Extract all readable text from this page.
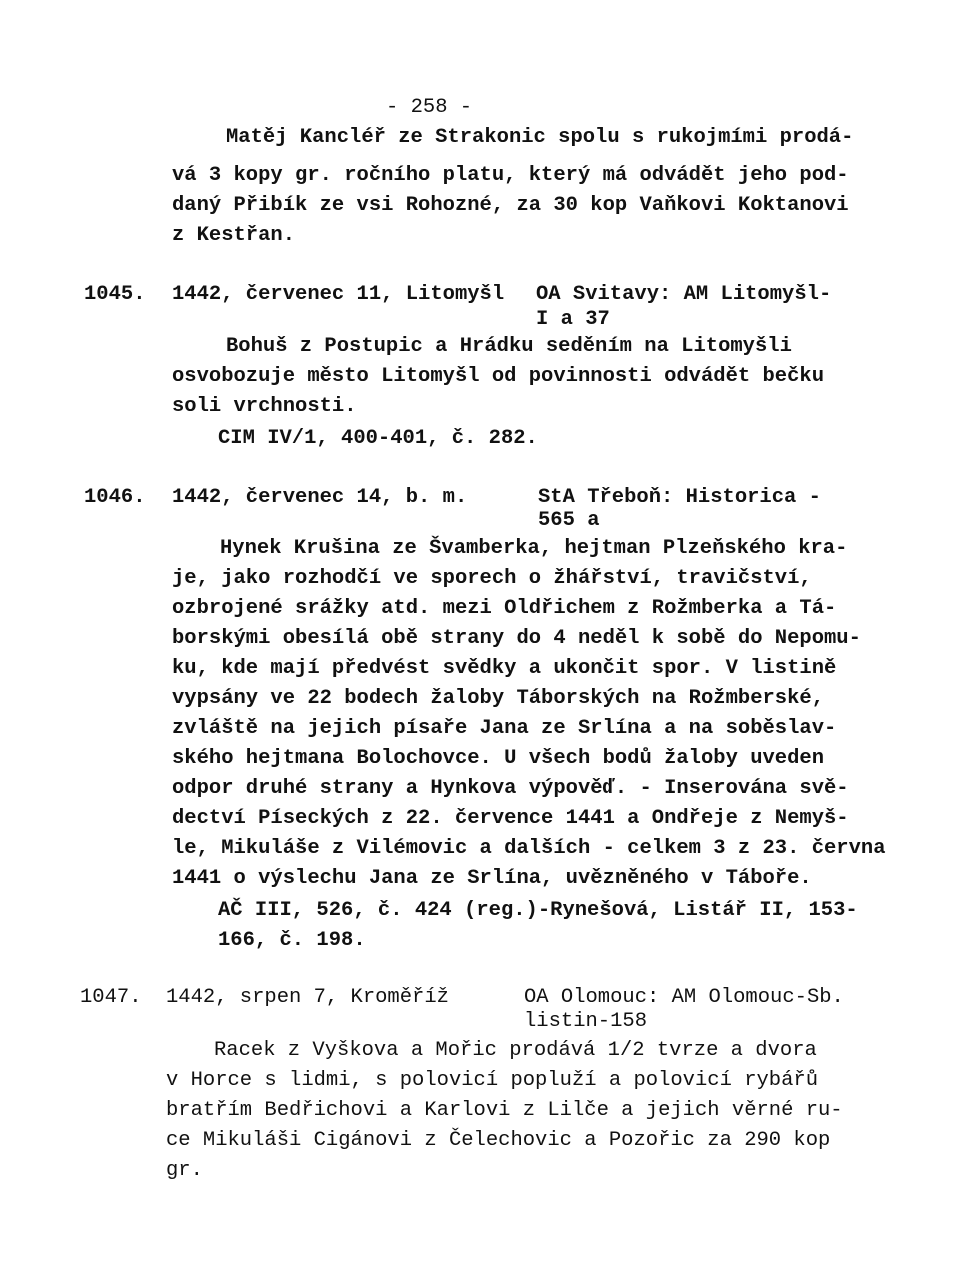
- 258 -
Matěj Kancléř ze Strakonic spolu s rukojmími prodá-
vá 3 kopy gr. ročního platu, který má odvádět jeho pod-
daný Přibík ze vsi Rohozné, za 30 kop Vaňkovi Koktanovi
z Kestřan.
1045. 1442, červenec 11, Litomyšl OA Svitavy: AM Litomyšl-
I a 37
Bohuš z Postupic a Hrádku seděním na Litomyšli
osvobozuje město Litomyšl od povinnosti odvádět bečku
soli vrchnosti.
CIM IV/1, 400-401, č. 282.
1046. 1442, červenec 14, b. m.	StA Třeboň: Historica -
565 a
Hynek Krušina ze Švamberka, hejtman Plzeňského kra-
je, jako rozhodčí ve sporech o žhářství, travičství,
ozbrojené srážky atd. mezi Oldřichem z Rožmberka a Tá-
borskými obesílá obě strany do 4 neděl k sobě do Nepomu-
ku, kde mají předvést svědky a ukončit spor. V listině
vypsány ve 22 bodech žaloby Táborských na Rožmberské,
zvláště na jejich písaře Jana ze Srlína a na soběslav-
ského hejtmana Bolochovce. U všech bodů žaloby uveden
odpor druhé strany a Hynkova výpověď. - Inserována svě-
dectví Píseckých z 22. července 1441 a Ondřeje z Nemyš-
le, Mikuláše z Vilémovic a dalších - celkem 3 z 23. června
1441 o výslechu Jana ze Srlína, uvězněného v Táboře.
AČ III, 526, č. 424 (reg.)-Rynešová, Listář II, 153-
166, č. 198.
1047. 1442, srpen 7, Kroměříž	OA Olomouc: AM Olomouc-Sb.
listin-158
Racek z Vyškova a Mořic prodává 1/2 tvrze a dvora
v Horce s lidmi, s polovicí popluží a polovicí rybářů
bratřím Bedřichovi a Karlovi z Lilče a jejich věrné ru-
ce Mikuláši Cigánovi z Čelechovic a Pozořic za 290 kop
gr.
